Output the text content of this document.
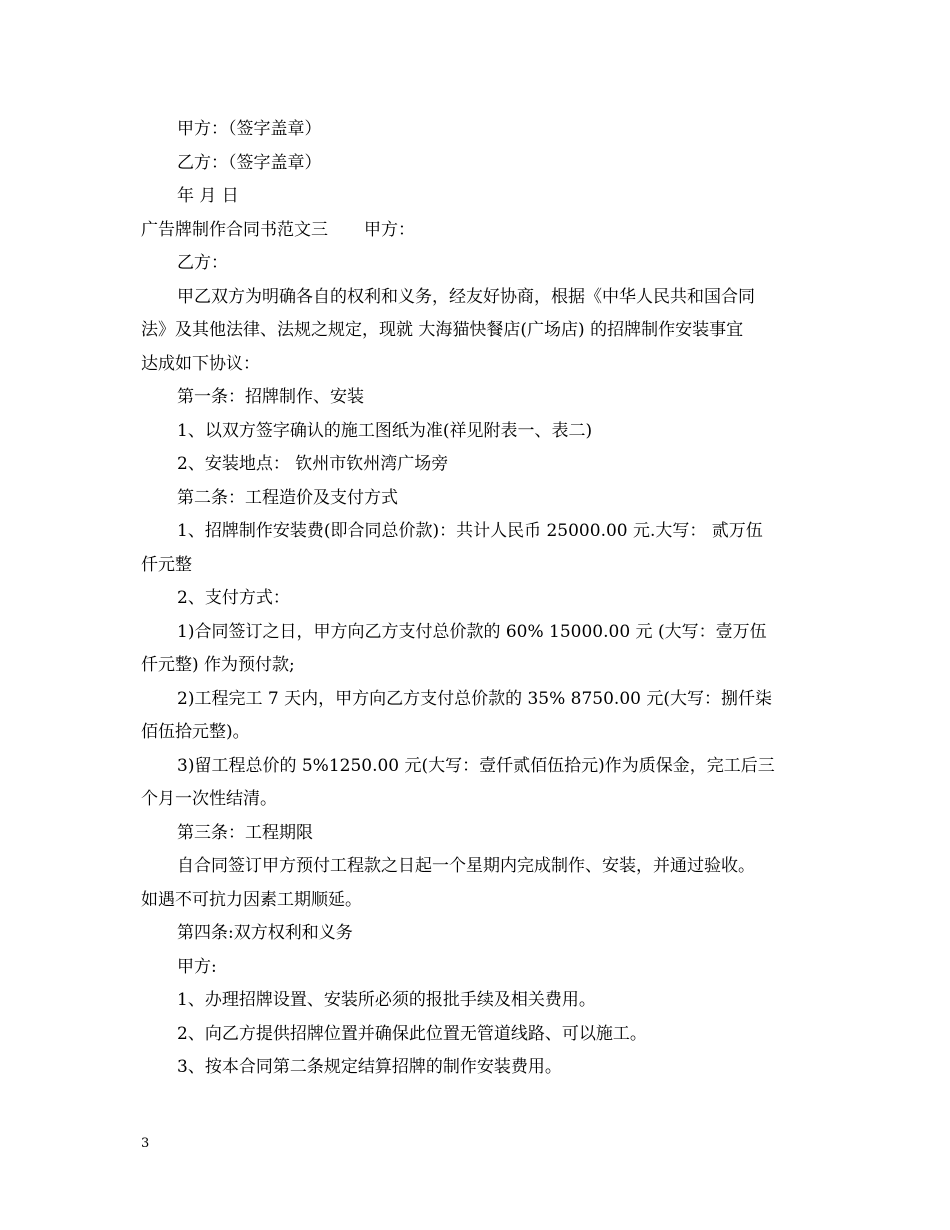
甲方：（签字盖章）
乙方：（签字盖章）
年 月 日
广告牌制作合同书范文三 甲方：
乙方：
甲乙双方为明确各自的权利和义务，经友好协商，根据《中华人民共和国合同
法》及其他法律、法规之规定，现就 大海猫快餐店(广场店) 的招牌制作安装事宜
达成如下协议：
第一条：招牌制作、安装
1、以双方签字确认的施工图纸为准(祥见附表一、表二)
2、安装地点： 钦州市钦州湾广场旁
第二条：工程造价及支付方式
1、招牌制作安装费(即合同总价款)：共计人民币 25000.00 元.大写： 贰万伍
仟元整
2、支付方式：
1)合同签订之日，甲方向乙方支付总价款的 60% 15000.00 元 (大写：壹万伍
仟元整) 作为预付款;
2)工程完工 7 天内，甲方向乙方支付总价款的 35% 8750.00 元(大写：捌仟柒
佰伍拾元整)。
3)留工程总价的 5%1250.00 元(大写：壹仟贰佰伍拾元)作为质保金，完工后三
个月一次性结清。
第三条：工程期限
自合同签订甲方预付工程款之日起一个星期内完成制作、安装，并通过验收。
如遇不可抗力因素工期顺延。
第四条:双方权利和义务
甲方:
1、办理招牌设置、安装所必须的报批手续及相关费用。
2、向乙方提供招牌位置并确保此位置无管道线路、可以施工。
3、按本合同第二条规定结算招牌的制作安装费用。
3
